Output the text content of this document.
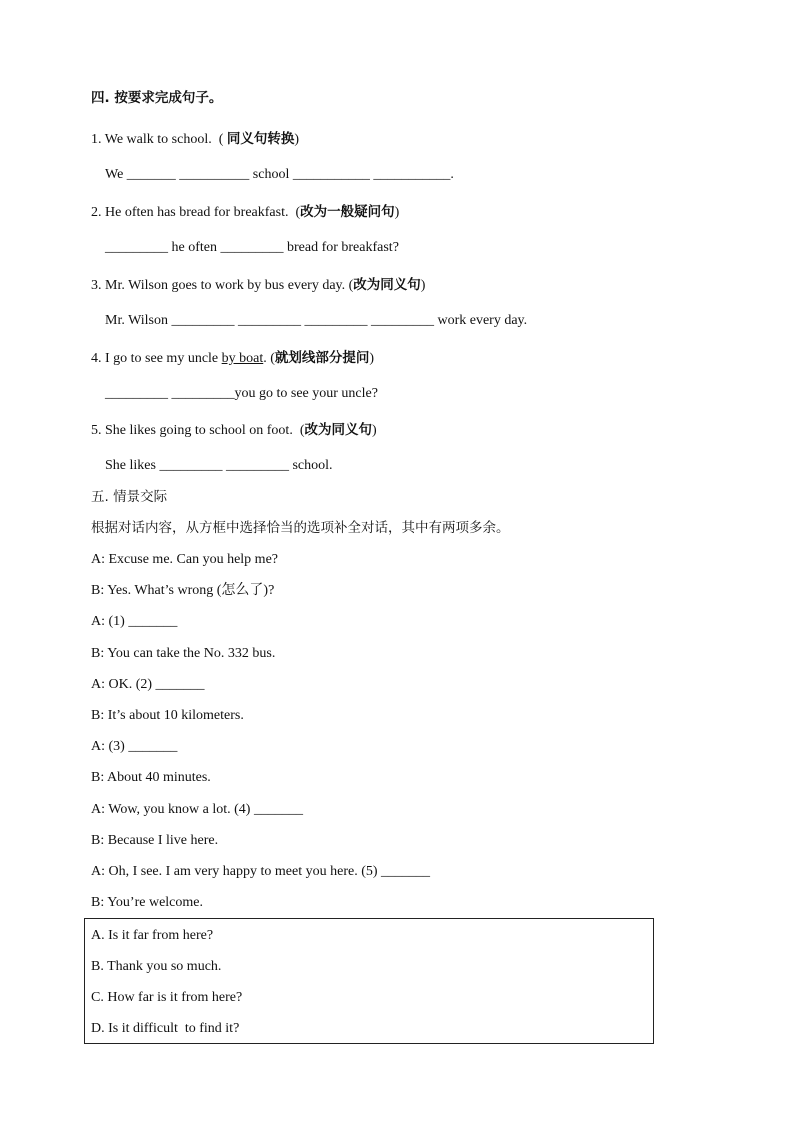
四. 按要求完成句子。
1. We walk to school.  ( 同义句转换)
We _______ __________ school ___________ ___________.
2. He often has bread for breakfast.  (改为一般疑问句)
_________ he often _________ bread for breakfast?
3. Mr. Wilson goes to work by bus every day. (改为同义句)
Mr. Wilson _________ _________ _________ _________ work every day.
4. I go to see my uncle by boat. (就划线部分提问)
_________ _________you go to see your uncle?
5. She likes going to school on foot.  (改为同义句)
She likes _________ _________ school.
五. 情景交际
根据对话内容，从方框中选择恰当的选项补全对话，其中有两项多余。
A: Excuse me. Can you help me?
B: Yes. What’s wrong (怎么了)?
A: (1) _______
B: You can take the No. 332 bus.
A: OK. (2) _______
B: It’s about 10 kilometers.
A: (3) _______
B: About 40 minutes.
A: Wow, you know a lot. (4) _______
B: Because I live here.
A: Oh, I see. I am very happy to meet you here. (5) _______
B: You’re welcome.
A. Is it far from here?
B. Thank you so much.
C. How far is it from here?
D. Is it difficult  to find it?
